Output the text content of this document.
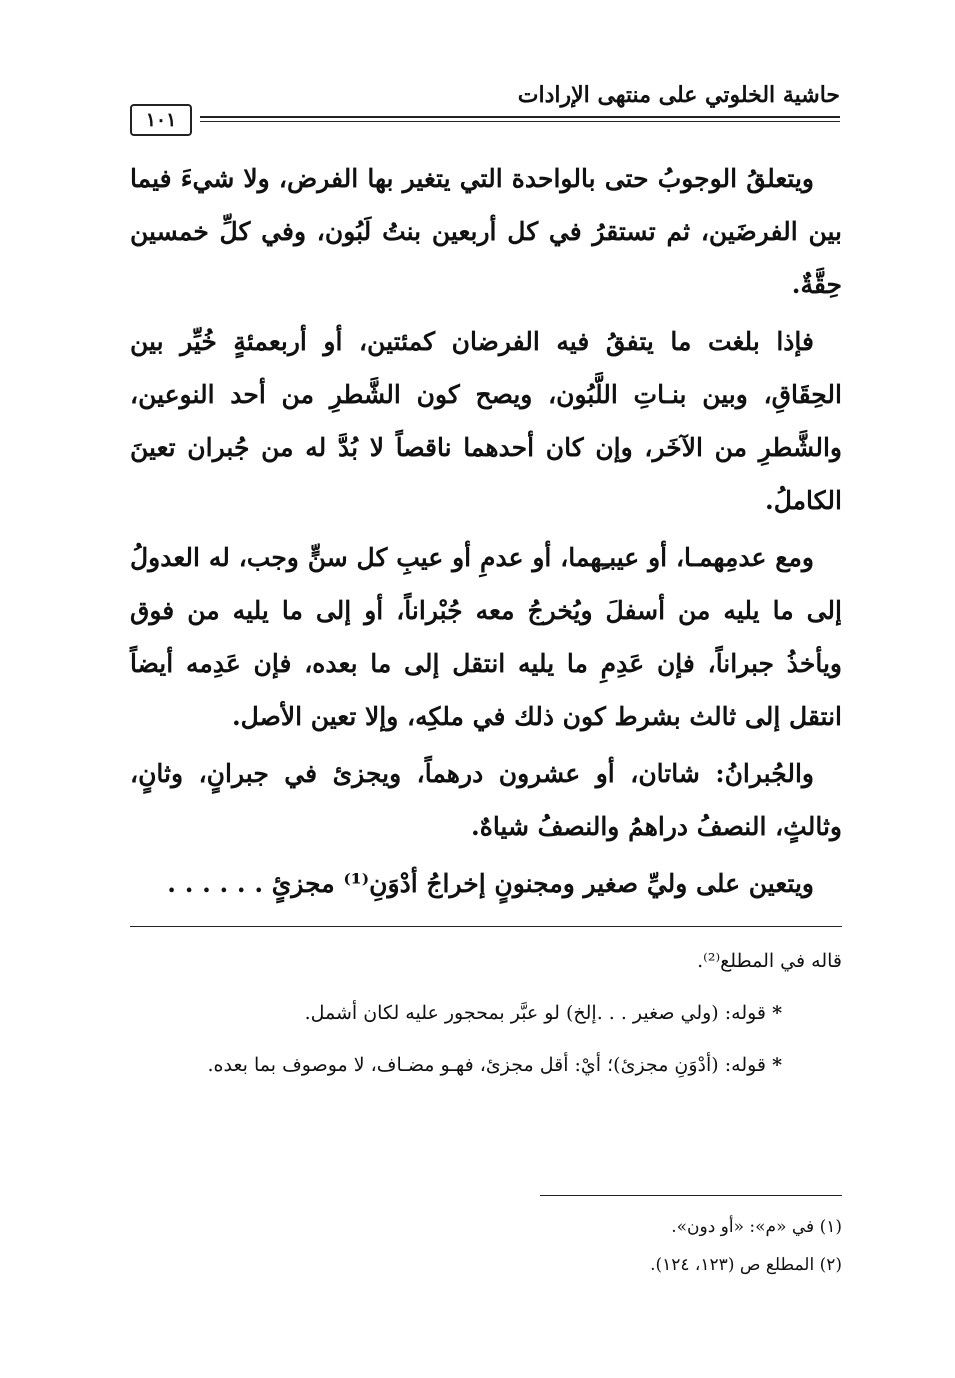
حاشية الخلوتي على منتهى الإرادات
١٠١

ويتعلقُ الوجوبُ حتى بالواحدة التي يتغير بها الفرض، ولا شيءَ فيما بين الفرضَين، ثم تستقرُ في كل أربعين بنتُ لَبُون، وفي كلِّ خمسين حِقَّةٌ.

فإذا بلغت ما يتفقُ فيه الفرضان كمئتين، أو أربعمئةٍ خُيِّر بين الحِقَاقِ، وبين بنـاتِ اللَّبُون، ويصح كون الشَّطرِ من أحد النوعين، والشَّطرِ من الآخَر، وإن كان أحدهما ناقصاً لا بُدَّ له من جُبران تعينَ الكاملُ.

ومع عدمِهمـا، أو عيبـِهما، أو عدمِ أو عيبِ كل سنٍّ وجب، له العدولُ إلى ما يليه من أسفلَ ويُخرجُ معه جُبْراناً، أو إلى ما يليه من فوق ويأخذُ جبراناً، فإن عَدِمِ ما يليه انتقل إلى ما بعده، فإن عَدِمه أيضاً انتقل إلى ثالث بشرط كون ذلك في ملكِه، وإلا تعين الأصل.

والجُبرانُ: شاتان، أو عشرون درهماً، ويجزئ في جبرانٍ، وثانٍ، وثالثٍ، النصفُ دراهمُ والنصفُ شياهٌ.

ويتعين على وليِّ صغير ومجنونٍ إخراجُ أدْوَنِ⁽¹⁾ مجزئٍ . . . . . .

قاله في المطلع⁽²⁾.

* قوله: (ولي صغير . . .إلخ) لو عبَّر بمحجور عليه لكان أشمل.

* قوله: (أدْوَنِ مجزئ)؛ أيْ: أقل مجزئ، فهـو مضـاف، لا موصوف بما بعده.

(١) في «م»: «أو دون».

(٢) المطلع ص (١٢٣، ١٢٤).
